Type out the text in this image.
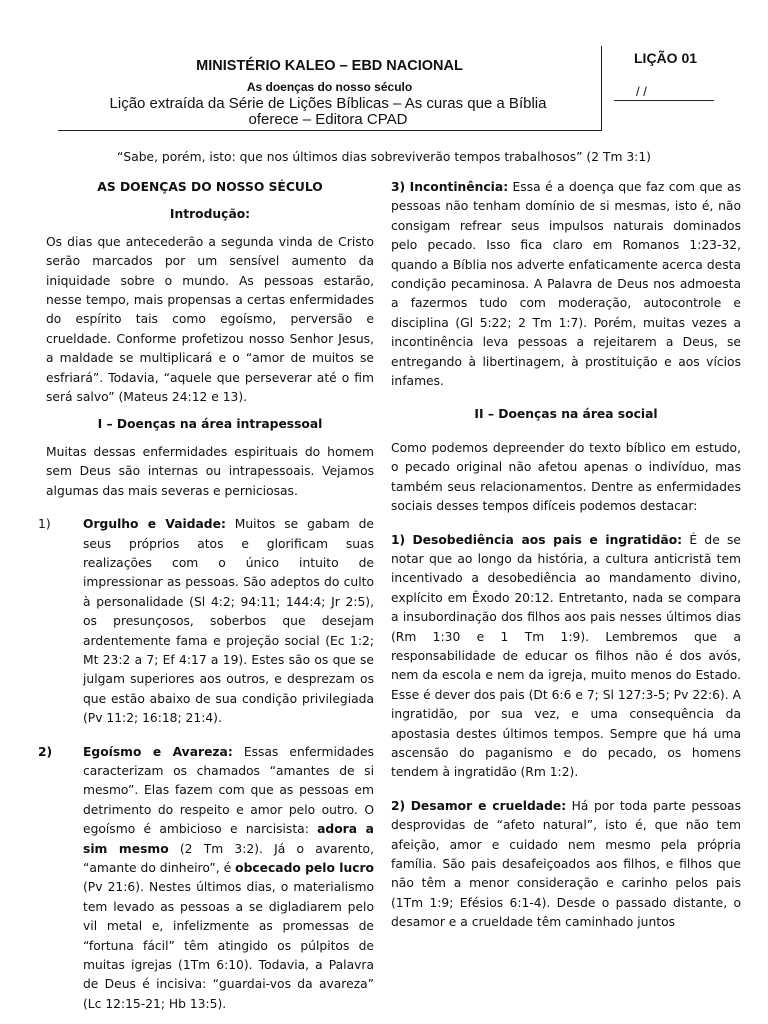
MINISTÉRIO KALEO – EBD NACIONAL
As doenças do nosso século
Lição extraída da Série de Lições Bíblicas – As curas que a Bíblia
oferece – Editora CPAD
LIÇÃO 01
/ /
“Sabe, porém, isto: que nos últimos dias sobreviverão tempos trabalhosos” (2 Tm 3:1)

AS DOENÇAS DO NOSSO SÉCULO

Introdução:

Os dias que antecederão a segunda vinda de Cristo serão marcados por um sensível aumento da iniquidade sobre o mundo. As pessoas estarão, nesse tempo, mais propensas a certas enfermidades do espírito tais como egoísmo, perversão e crueldade. Conforme profetizou nosso Senhor Jesus, a maldade se multiplicará e o “amor de muitos se esfriará”. Todavia, “aquele que perseverar até o fim será salvo” (Mateus 24:12 e 13).

I – Doenças na área intrapessoal

Muitas dessas enfermidades espirituais do homem sem Deus são internas ou intrapessoais. Vejamos algumas das mais severas e perniciosas.

1)	Orgulho e Vaidade: Muitos se gabam de seus próprios atos e glorificam suas realizações com o único intuito de impressionar as pessoas. São adeptos do culto à personalidade (Sl 4:2; 94:11; 144:4; Jr 2:5), os presunçosos, soberbos que desejam ardentemente fama e projeção social (Ec 1:2; Mt 23:2 a 7; Ef 4:17 a 19). Estes são os que se julgam superiores aos outros, e desprezam os que estão abaixo de sua condição privilegiada (Pv 11:2; 16:18; 21:4).

2)	Egoísmo e Avareza: Essas enfermidades caracterizam os chamados “amantes de si mesmo”. Elas fazem com que as pessoas em detrimento do respeito e amor pelo outro. O egoísmo é ambicioso e narcisista: adora a sim mesmo (2 Tm 3:2). Já o avarento, “amante do dinheiro”, é obcecado pelo lucro (Pv 21:6). Nestes últimos dias, o materialismo tem levado as pessoas a se digladiarem pelo vil metal e, infelizmente as promessas de “fortuna fácil” têm atingido os púlpitos de muitas igrejas (1Tm 6:10). Todavia, a Palavra de Deus é incisiva: “guardai-vos da avareza” (Lc 12:15-21; Hb 13:5).

3) Incontinência: Essa é a doença que faz com que as pessoas não tenham domínio de si mesmas, isto é, não consigam refrear seus impulsos naturais dominados pelo pecado. Isso fica claro em Romanos 1:23-32, quando a Bíblia nos adverte enfaticamente acerca desta condição pecaminosa. A Palavra de Deus nos admoesta a fazermos tudo com moderação, autocontrole e disciplina (Gl 5:22; 2 Tm 1:7). Porém, muitas vezes a incontinência leva pessoas a rejeitarem a Deus, se entregando à libertinagem, à prostituição e aos vícios infames.

II – Doenças na área social

Como podemos depreender do texto bíblico em estudo, o pecado original não afetou apenas o indivíduo, mas também seus relacionamentos. Dentre as enfermidades sociais desses tempos difíceis podemos destacar:

1) Desobediência aos pais e ingratidão: É de se notar que ao longo da história, a cultura anticristã tem incentivado a desobediência ao mandamento divino, explícito em Êxodo 20:12. Entretanto, nada se compara a insubordinação dos filhos aos pais nesses últimos dias (Rm 1:30 e 1 Tm 1:9). Lembremos que a responsabilidade de educar os filhos não é dos avós, nem da escola e nem da igreja, muito menos do Estado. Esse é dever dos pais (Dt 6:6 e 7; Sl 127:3-5; Pv 22:6). A ingratidão, por sua vez, e uma consequência da apostasia destes últimos tempos. Sempre que há uma ascensão do paganismo e do pecado, os homens tendem à ingratidão (Rm 1:2).

2) Desamor e crueldade: Há por toda parte pessoas desprovidas de “afeto natural”, isto é, que não tem afeição, amor e cuidado nem mesmo pela própria família. São pais desafeiçoados aos filhos, e filhos que não têm a menor consideração e carinho pelos pais (1Tm 1:9; Efésios 6:1-4). Desde o passado distante, o desamor e a crueldade têm caminhado juntos
